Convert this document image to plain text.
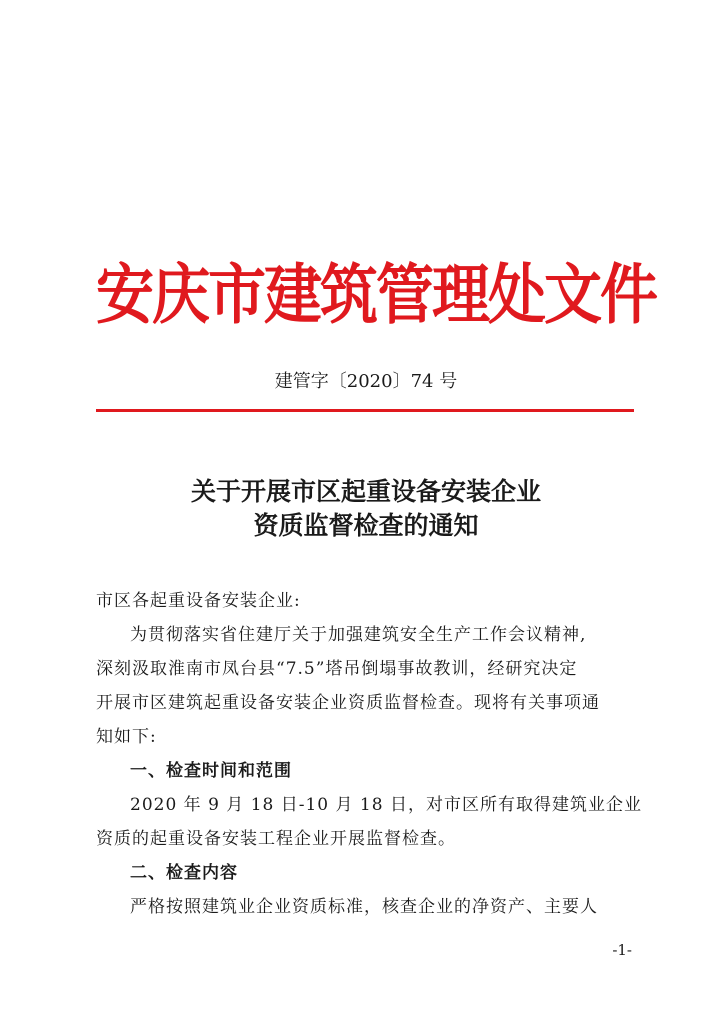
安庆市建筑管理处文件
建管字〔2020〕74 号
关于开展市区起重设备安装企业
资质监督检查的通知
市区各起重设备安装企业:
为贯彻落实省住建厅关于加强建筑安全生产工作会议精神,
深刻汲取淮南市凤台县“7.5”塔吊倒塌事故教训，经研究决定
开展市区建筑起重设备安装企业资质监督检查。现将有关事项通
知如下:
一、检查时间和范围
2020 年 9 月 18 日-10 月 18 日，对市区所有取得建筑业企业
资质的起重设备安装工程企业开展监督检查。
二、检查内容
严格按照建筑业企业资质标准，核查企业的净资产、主要人
-1-
